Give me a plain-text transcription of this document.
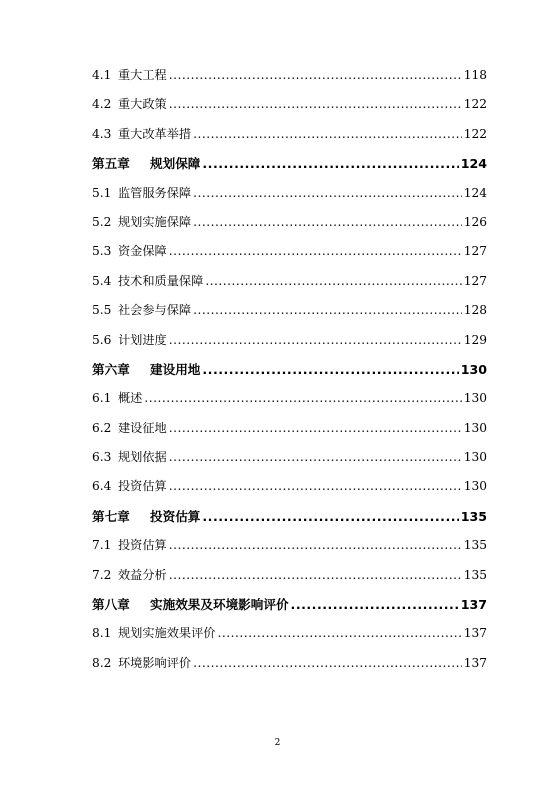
4.1 重大工程 .....	118
4.2 重大政策 .....	122
4.3 重大改革举措 .....	122
第五章	规划保障 .....	124
5.1 监管服务保障 .....	124
5.2 规划实施保障 .....	126
5.3 资金保障 .....	127
5.4 技术和质量保障 .....	127
5.5 社会参与保障 .....	128
5.6 计划进度 .....	129
第六章	建设用地 .....	130
6.1 概述 .....	130
6.2 建设征地 .....	130
6.3 规划依据 .....	130
6.4 投资估算 .....	130
第七章	投资估算 .....	135
7.1 投资估算 .....	135
7.2 效益分析 .....	135
第八章	实施效果及环境影响评价 .....	137
8.1 规划实施效果评价 .....	137
8.2 环境影响评价 .....	137
2
